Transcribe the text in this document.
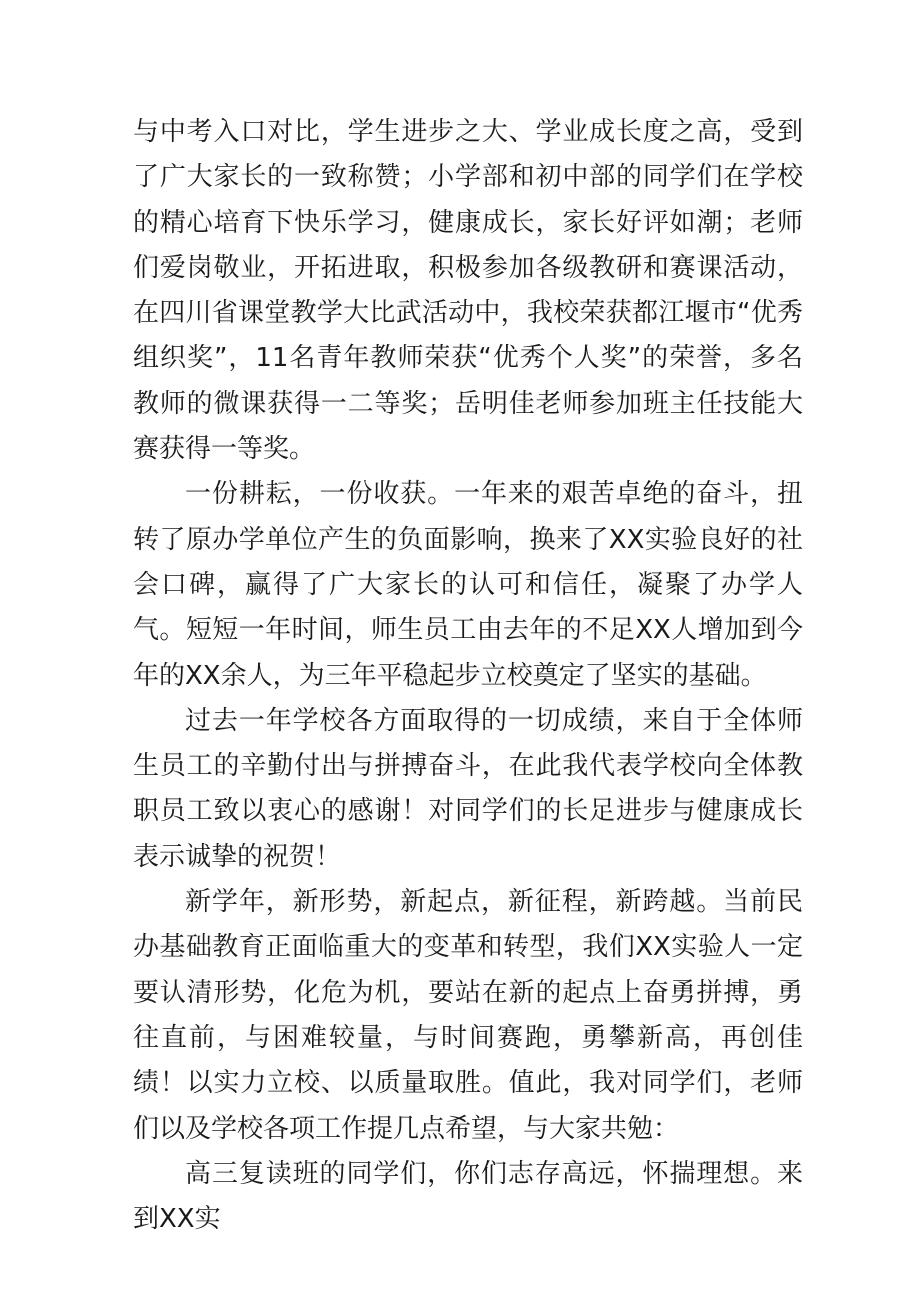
与中考入口对比，学生进步之大、学业成长度之高，受到了广大家长的一致称赞；小学部和初中部的同学们在学校的精心培育下快乐学习，健康成长，家长好评如潮；老师们爱岗敬业，开拓进取，积极参加各级教研和赛课活动，在四川省课堂教学大比武活动中，我校荣获都江堰市“优秀组织奖”，11名青年教师荣获“优秀个人奖”的荣誉，多名教师的微课获得一二等奖；岳明佳老师参加班主任技能大赛获得一等奖。

一份耕耘，一份收获。一年来的艰苦卓绝的奋斗，扭转了原办学单位产生的负面影响，换来了XX实验良好的社会口碑，赢得了广大家长的认可和信任，凝聚了办学人气。短短一年时间，师生员工由去年的不足XX人增加到今年的XX余人，为三年平稳起步立校奠定了坚实的基础。

过去一年学校各方面取得的一切成绩，来自于全体师生员工的辛勤付出与拼搏奋斗，在此我代表学校向全体教职员工致以衷心的感谢！对同学们的长足进步与健康成长表示诚挚的祝贺！

新学年，新形势，新起点，新征程，新跨越。当前民办基础教育正面临重大的变革和转型，我们XX实验人一定要认清形势，化危为机，要站在新的起点上奋勇拼搏，勇往直前，与困难较量，与时间赛跑，勇攀新高，再创佳绩！以实力立校、以质量取胜。值此，我对同学们，老师们以及学校各项工作提几点希望，与大家共勉：

高三复读班的同学们，你们志存高远，怀揣理想。来到XX实
